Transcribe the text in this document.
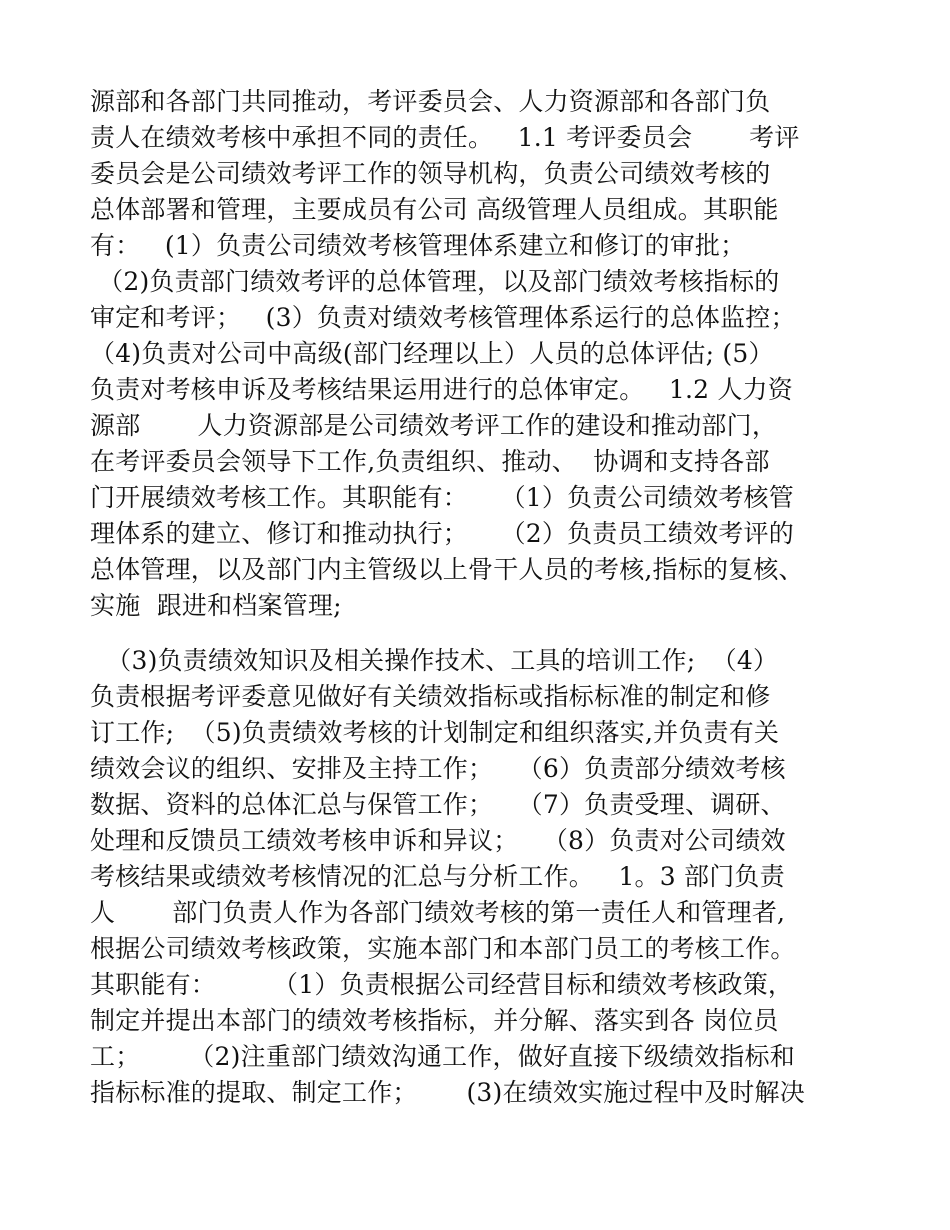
源部和各部门共同推动，考评委员会、人力资源部和各部门负
责人在绩效考核中承担不同的责任。   1.1 考评委员会       考评
委员会是公司绩效考评工作的领导机构，负责公司绩效考核的
总体部署和管理，主要成员有公司 高级管理人员组成。其职能
有：   (1）负责公司绩效考核管理体系建立和修订的审批；
（2)负责部门绩效考评的总体管理，以及部门绩效考核指标的
审定和考评；   (3）负责对绩效考核管理体系运行的总体监控；
（4)负责对公司中高级(部门经理以上）人员的总体评估; (5）
负责对考核申诉及考核结果运用进行的总体审定。   1.2 人力资
源部       人力资源部是公司绩效考评工作的建设和推动部门，
在考评委员会领导下工作,负责组织、推动、  协调和支持各部
门开展绩效考核工作。其职能有：    （1）负责公司绩效考核管
理体系的建立、修订和推动执行；    （2）负责员工绩效考评的
总体管理，以及部门内主管级以上骨干人员的考核,指标的复核、
实施  跟进和档案管理;
（3)负责绩效知识及相关操作技术、工具的培训工作;  （4）
负责根据考评委意见做好有关绩效指标或指标标准的制定和修
订工作;  （5)负责绩效考核的计划制定和组织落实,并负责有关
绩效会议的组织、安排及主持工作；   （6）负责部分绩效考核
数据、资料的总体汇总与保管工作；   （7）负责受理、调研、
处理和反馈员工绩效考核申诉和异议；   （8）负责对公司绩效
考核结果或绩效考核情况的汇总与分析工作。   1。3 部门负责
人       部门负责人作为各部门绩效考核的第一责任人和管理者,
根据公司绩效考核政策，实施本部门和本部门员工的考核工作。
其职能有：       （1）负责根据公司经营目标和绩效考核政策，
制定并提出本部门的绩效考核指标，并分解、落实到各 岗位员
工；      （2)注重部门绩效沟通工作，做好直接下级绩效指标和
指标标准的提取、制定工作；      (3)在绩效实施过程中及时解决
